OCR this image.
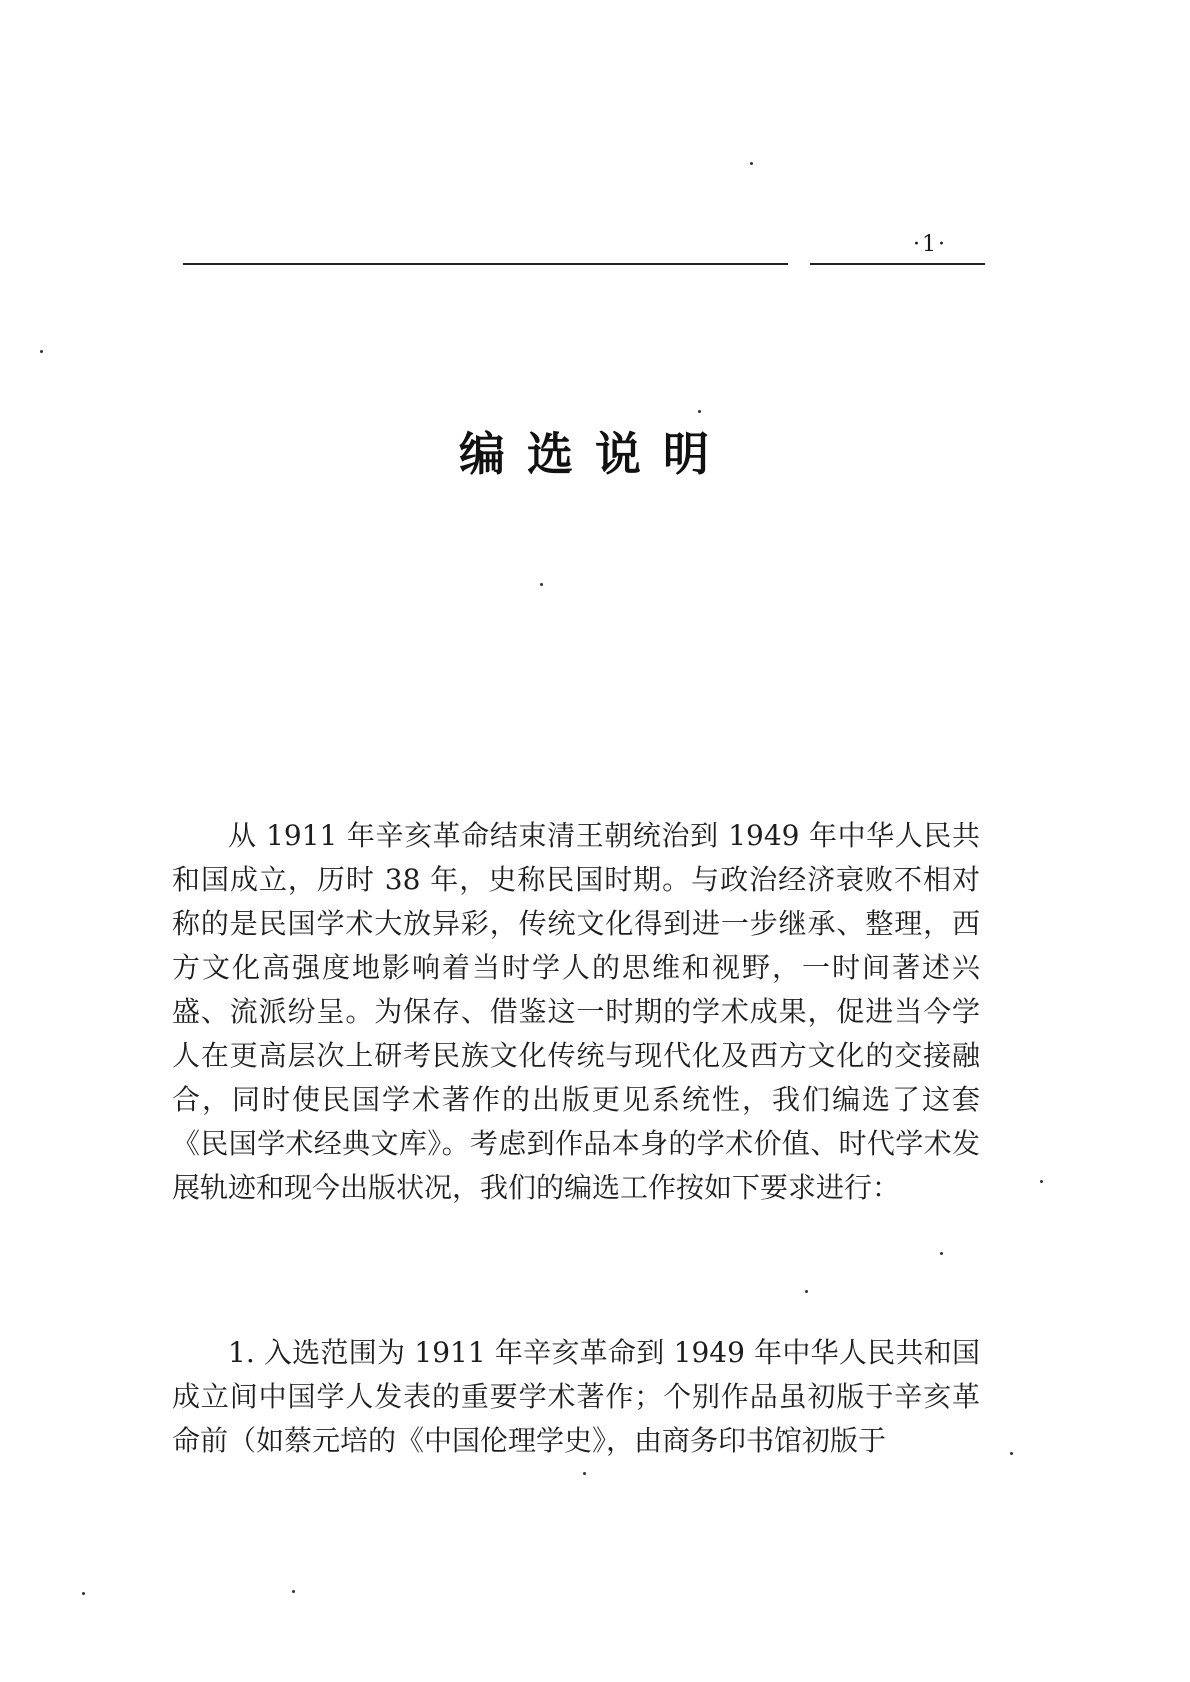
·1·
编选说明

从 1911 年辛亥革命结束清王朝统治到 1949 年中华人民共和国成立，历时 38 年，史称民国时期。与政治经济衰败不相对称的是民国学术大放异彩，传统文化得到进一步继承、整理，西方文化高强度地影响着当时学人的思维和视野，一时间著述兴盛、流派纷呈。为保存、借鉴这一时期的学术成果，促进当今学人在更高层次上研考民族文化传统与现代化及西方文化的交接融合，同时使民国学术著作的出版更见系统性，我们编选了这套《民国学术经典文库》。考虑到作品本身的学术价值、时代学术发展轨迹和现今出版状况，我们的编选工作按如下要求进行：

1. 入选范围为 1911 年辛亥革命到 1949 年中华人民共和国成立间中国学人发表的重要学术著作；个别作品虽初版于辛亥革命前（如蔡元培的《中国伦理学史》，由商务印书馆初版于
